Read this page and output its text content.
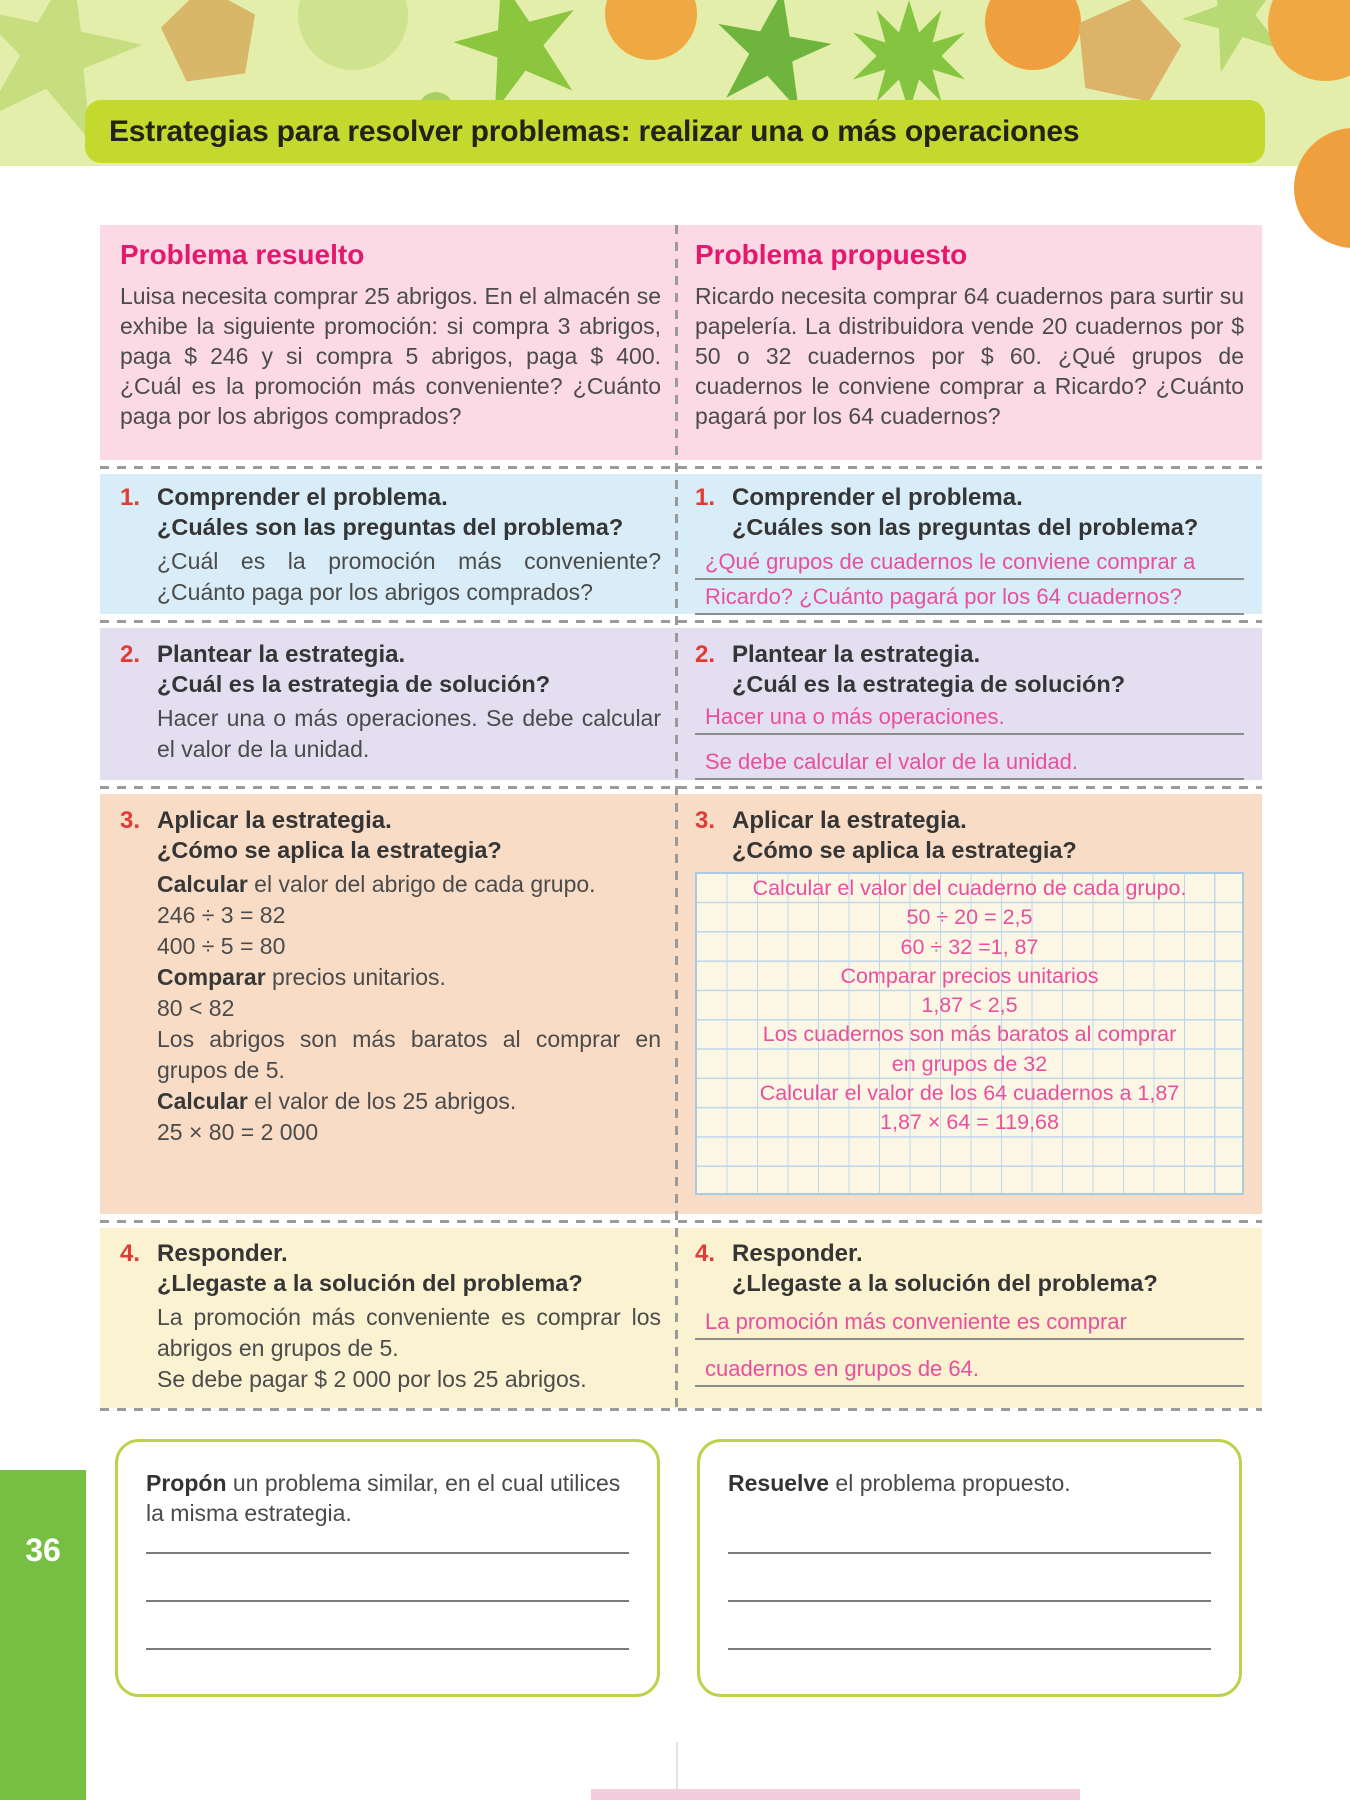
Estrategias para resolver problemas: realizar una o más operaciones
Problema resuelto

Luisa necesita comprar 25 abrigos. En el almacén se exhibe la siguiente promoción: si compra 3 abrigos, paga $ 246 y si compra 5 abrigos, paga $ 400. ¿Cuál es la promoción más conveniente? ¿Cuánto paga por los abrigos comprados?

Problema propuesto

Ricardo necesita comprar 64 cuadernos para surtir su papelería. La distribuidora vende 20 cuadernos por $ 50 o 32 cuadernos por $ 60. ¿Qué grupos de cuadernos le conviene comprar a Ricardo? ¿Cuánto pagará por los 64 cuadernos?

1. Comprender el problema.
¿Cuáles son las preguntas del problema?
¿Cuál es la promoción más conveniente? ¿Cuánto paga por los abrigos comprados?
1. Comprender el problema.
¿Cuáles son las preguntas del problema?
¿Qué grupos de cuadernos le conviene comprar a
Ricardo? ¿Cuánto pagará por los 64 cuadernos?
2. Plantear la estrategia.
¿Cuál es la estrategia de solución?
Hacer una o más operaciones. Se debe calcular el valor de la unidad.
2. Plantear la estrategia.
¿Cuál es la estrategia de solución?
Hacer una o más operaciones.
Se debe calcular el valor de la unidad.
3. Aplicar la estrategia.
¿Cómo se aplica la estrategia?

Calcular el valor del abrigo de cada grupo.

246 ÷ 3 = 82

400 ÷ 5 = 80

Comparar precios unitarios.

80 < 82

Los abrigos son más baratos al comprar en grupos de 5.

Calcular el valor de los 25 abrigos.

25 × 80 = 2 000

3. Aplicar la estrategia.
¿Cómo se aplica la estrategia?
Calcular el valor del cuaderno de cada grupo.
50 ÷ 20 = 2,5
60 ÷ 32 =1, 87
Comparar precios unitarios
1,87 < 2,5
Los cuadernos son más baratos al comprar
en grupos de 32
Calcular el valor de los 64 cuadernos a 1,87
1,87 × 64 = 119,68
4. Responder.
¿Llegaste a la solución del problema?
La promoción más conveniente es comprar los abrigos en grupos de 5.
Se debe pagar $ 2 000 por los 25 abrigos.
4. Responder.
¿Llegaste a la solución del problema?
La promoción más conveniente es comprar
cuadernos en grupos de 64.

Propón un problema similar, en el cual utilices la misma estrategia.

Resuelve el problema propuesto.

36
